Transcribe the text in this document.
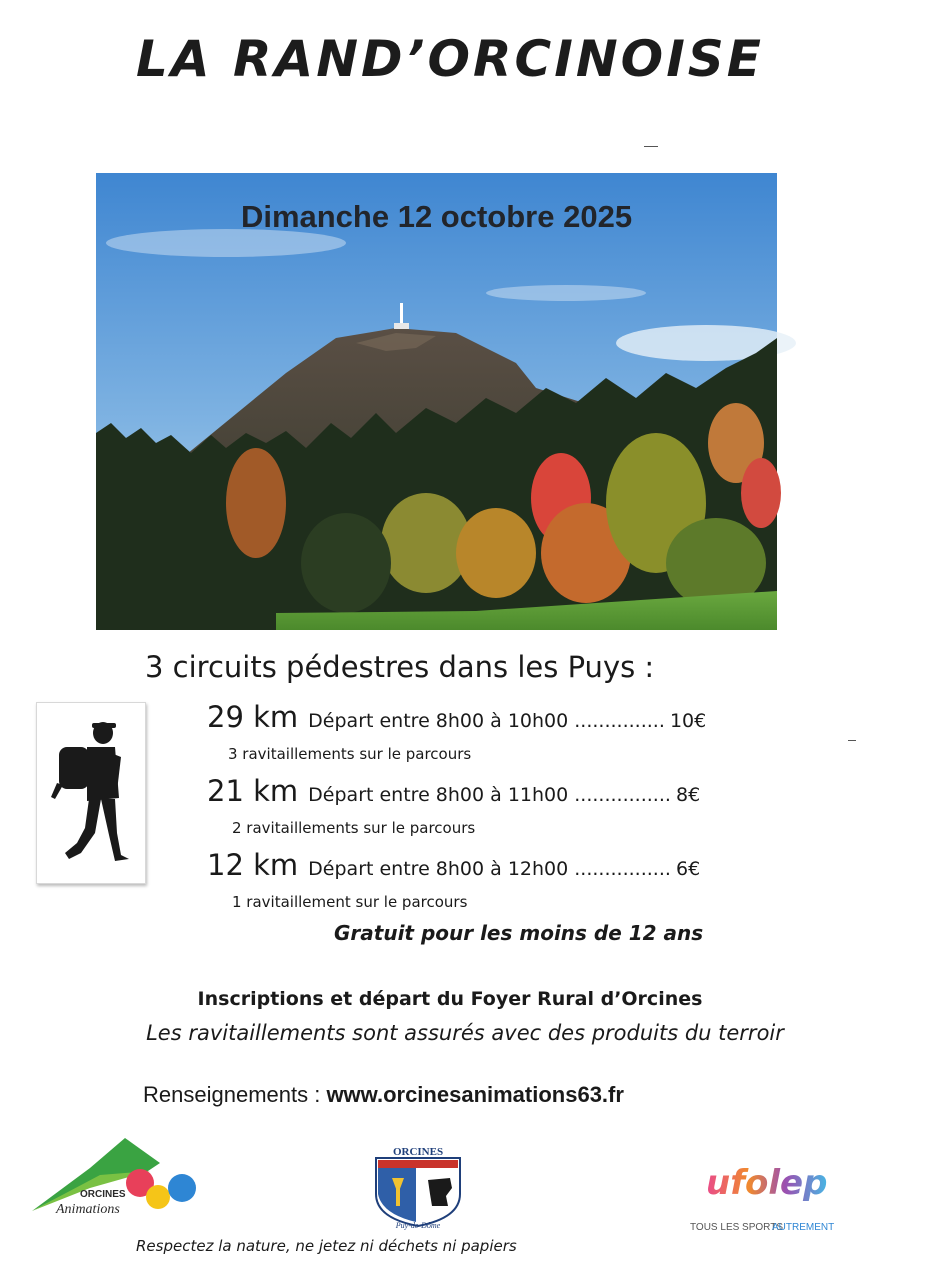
LA RAND’ORCINOISE
Dimanche 12 octobre 2025
3 circuits pédestres dans les Puys :
29 km Départ entre 8h00 à 10h00 ............... 10€
3 ravitaillements sur le parcours
21 km Départ entre 8h00 à 11h00 ................ 8€
2 ravitaillements sur le parcours
12 km Départ entre 8h00 à 12h00 ................ 6€
1 ravitaillement sur le parcours
Gratuit pour les moins de 12 ans
Inscriptions et départ du Foyer Rural d’Orcines
Les ravitaillements sont assurés avec des produits du terroir
Renseignements : www.orcinesanimations63.fr
ORCINES
Animations
ORCINES
Puy-de-Dôme
ufolep
TOUS LES SPORTS
AUTREMENT
Respectez la nature, ne jetez ni déchets ni papiers
